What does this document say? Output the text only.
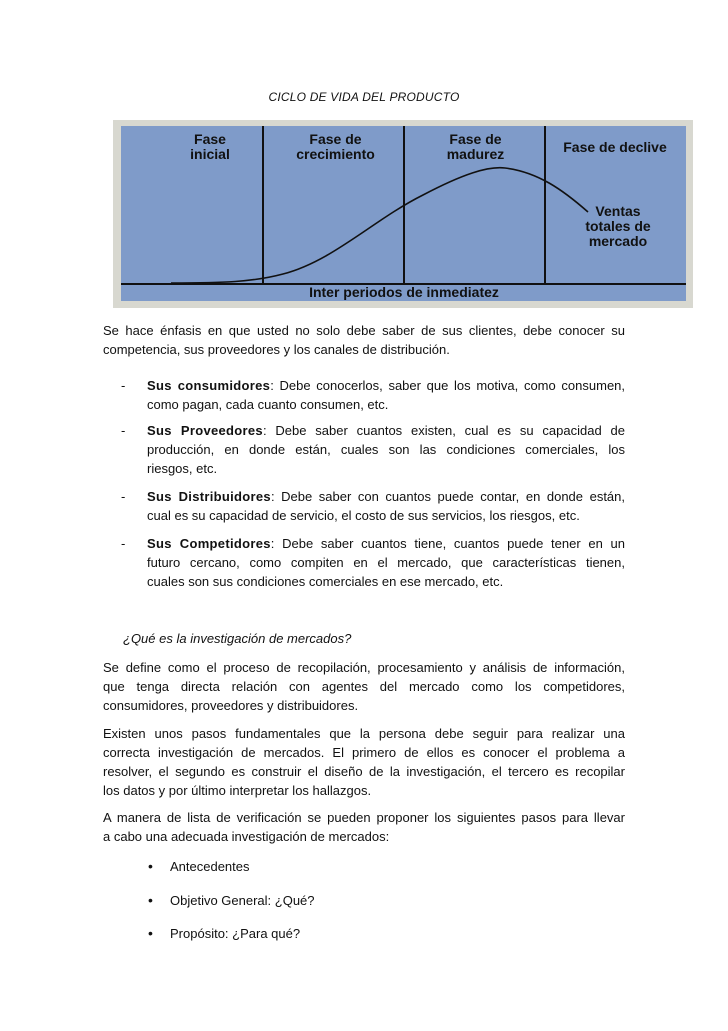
CICLO DE VIDA DEL PRODUCTO
Fase
inicial
Fase de
crecimiento
Fase de
madurez	Fase de declive
Ventas
totales de
mercado
Inter periodos de inmediatez
Se hace énfasis en que usted no solo debe saber de sus clientes, debe conocer su
competencia, sus proveedores y los canales de distribución.
- Sus consumidores: Debe conocerlos, saber que los motiva, como consumen,
como pagan, cada cuanto consumen, etc.
- Sus Proveedores: Debe saber cuantos existen, cual es su capacidad de
producción, en donde están, cuales son las condiciones comerciales, los
riesgos, etc.
- Sus Distribuidores: Debe saber con cuantos puede contar, en donde están,
cual es su capacidad de servicio, el costo de sus servicios, los riesgos, etc.
- Sus Competidores: Debe saber cuantos tiene, cuantos puede tener en un
futuro cercano, como compiten en el mercado, que características tienen,
cuales son sus condiciones comerciales en ese mercado, etc.
¿Qué es la investigación de mercados?
Se define como el proceso de recopilación, procesamiento y análisis de información,
que tenga directa relación con agentes del mercado como los competidores,
consumidores, proveedores y distribuidores.
Existen unos pasos fundamentales que la persona debe seguir para realizar una
correcta investigación de mercados. El primero de ellos es conocer el problema a
resolver, el segundo es construir el diseño de la investigación, el tercero es recopilar
los datos y por último interpretar los hallazgos.
A manera de lista de verificación se pueden proponer los siguientes pasos para llevar
a cabo una adecuada investigación de mercados:
• Antecedentes
• Objetivo General: ¿Qué?
• Propósito: ¿Para qué?
